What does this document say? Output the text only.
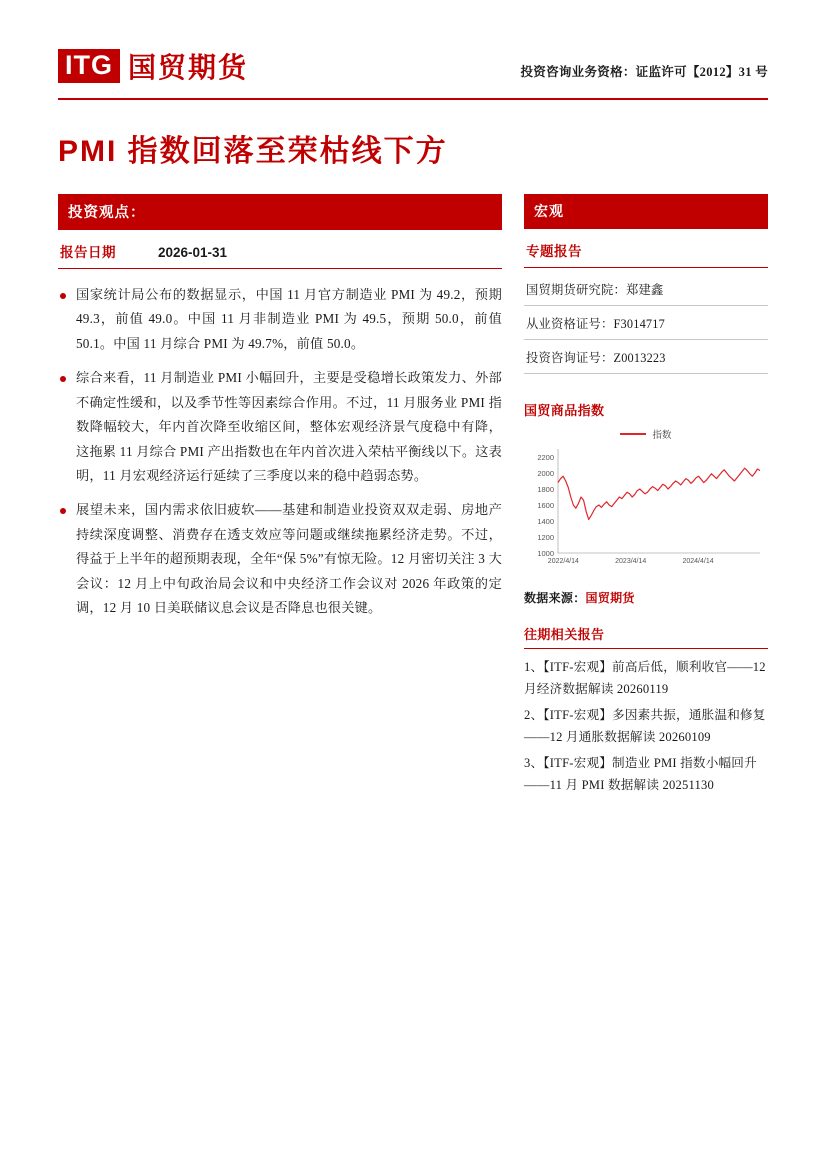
ITG 国贸期货	投资咨询业务资格：证监许可【2012】31 号
PMI 指数回落至荣枯线下方
投资观点：
报告日期	2026-01-31
国家统计局公布的数据显示，中国 11 月官方制造业 PMI 为 49.2，预期 49.3，前值 49.0。中国 11 月非制造业 PMI 为 49.5，预期 50.0，前值 50.1。中国 11 月综合 PMI 为 49.7%，前值 50.0。
综合来看，11 月制造业 PMI 小幅回升，主要是受稳增长政策发力、外部不确定性缓和，以及季节性等因素综合作用。不过，11 月服务业 PMI 指数降幅较大，年内首次降至收缩区间，整体宏观经济景气度稳中有降，这拖累 11 月综合 PMI 产出指数也在年内首次进入荣枯平衡线以下。这表明，11 月宏观经济运行延续了三季度以来的稳中趋弱态势。
展望未来，国内需求依旧疲软——基建和制造业投资双双走弱、房地产持续深度调整、消费存在透支效应等问题或继续拖累经济走势。不过，得益于上半年的超预期表现，全年“保 5%”有惊无险。12 月密切关注 3 大会议：12 月上中旬政治局会议和中央经济工作会议对 2026 年政策的定调，12 月 10 日美联储议息会议是否降息也很关键。
宏观
专题报告
国贸期货研究院：郑建鑫
从业资格证号：F3014717
投资咨询证号：Z0013223
国贸商品指数
指数
1000
1200
1400
1600
1800
2000
2200
2022/4/14	2023/4/14	2024/4/14
数据来源：国贸期货
往期相关报告
1、【ITF-宏观】前高后低，顺利收官——12 月经济数据解读 20260119
2、【ITF-宏观】多因素共振，通胀温和修复——12 月通胀数据解读 20260109
3、【ITF-宏观】制造业 PMI 指数小幅回升——11 月 PMI 数据解读 20251130
